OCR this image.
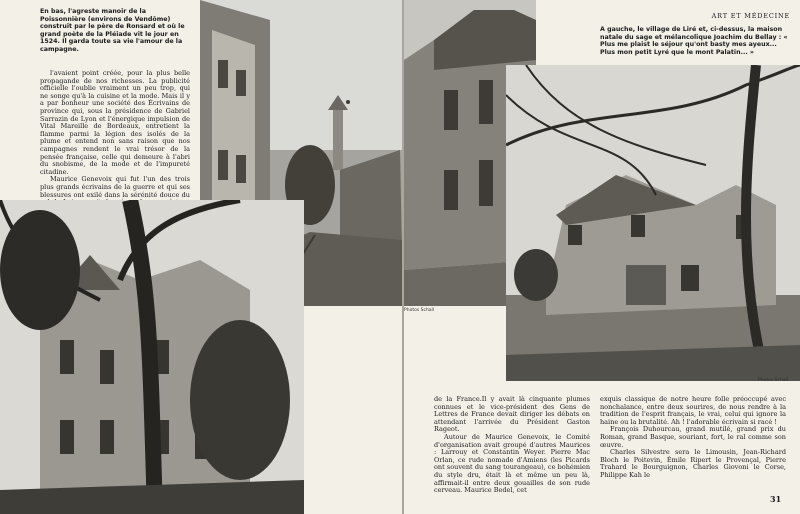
En bas, l'agreste manoir de la Poissonnière (environs de Vendôme) construit par le père de Ronsard et où le grand poète de la Pléiade vit le jour en 1524. Il garda toute sa vie l'amour de la campagne.

l'avaient point créée, pour la plus belle propagande de nos richesses. La publicité officielle l'oublie vraiment un peu trop, qui ne songe qu'à la cuisine et la mode. Mais il y a par bonheur une société des Écrivains de province qui, sous la présidence de Gabriel Sarrazin de Lyon et l'énergique impulsion de Vital Mareille de Bordeaux, entretient la flamme parmi la légion des isolés de la plume et entend non sans raison que nos campagnes rendent le vrai trésor de la pensée française, celle qui demeure à l'abri du snobisme, de la mode et de l'impureté citadine.

Maurice Genevoix qui fut l'un des trois plus grands écrivains de la guerre et qui ses blessures ont exilé dans la sérénité douce du

ART ET MÉDECINE
A gauche, le village de Liré et, ci-dessus, la maison natale du sage et mélancolique Joachim du Bellay : « Plus me plaist le séjour qu'ont basty mes ayeux... Plus mon petit Lyré que le mont Palatin... »
Photos Schall
Photos Schall

de la France.Il y avait là cinquante plumes connues et le vice-président des Gens de Lettres de France devait diriger les débats en attendant l'arrivée du Président Gaston Rageot.

Autour de Maurice Genevoix, le Comité d'organisation avait groupé d'autres Maurices : Larrouy et Constantin Weyer. Pierre Mac Orlan, ce rude nomade d'Amiens (les Picards ont souvent du sang tourangeau), ce bohémien du style dru, était là et même un peu là, affirmait-il entre deux gouailles de son rude cerveau. Maurice Bedel, cet

exquis classique de notre heure folle préoccupé avec nonchalance, entre deux sourires, de nous rendre à la tradition de l'esprit français, le vrai, celui qui ignore la haine ou la brutalité. Ah ! l'adorable écrivain si racé !

François Duhourcau, grand mutilé, grand prix du Roman, grand Basque, souriant, fort, le ral comme son œuvre.

Charles Silvestre sera le Limousin, Jean-Richard Bloch le Poitevin, Émile Ripert le Provençal, Pierre Trahard le Bourguignon, Charles Giovoni le Corse, Philippe Kah le

31
